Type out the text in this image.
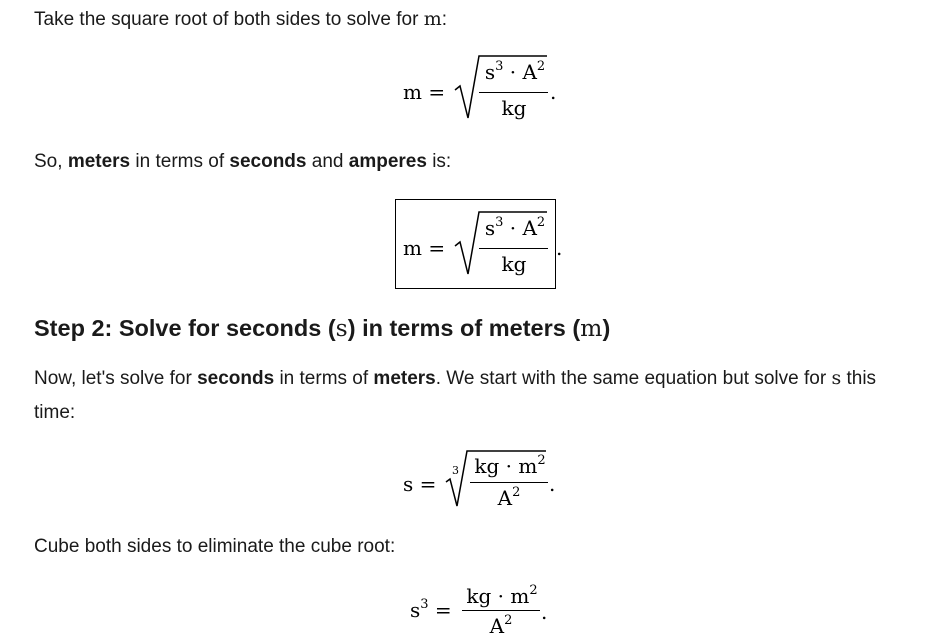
Take the square root of both sides to solve for m:

m =
$s^3 \cdot A^2$
kg
.

So, meters in terms of seconds and amperes is:

m =
$s^3 \cdot A^2$
kg
.
Step 2: Solve for seconds (s) in terms of meters (m)

Now, let's solve for seconds in terms of meters. We start with the same equation but solve for s this

time:

s =
3 kg · $m^2$
$A^2$	.

Cube both sides to eliminate the cube root:

$s^3$ =
kg · $m^2$
$A^2$	.
